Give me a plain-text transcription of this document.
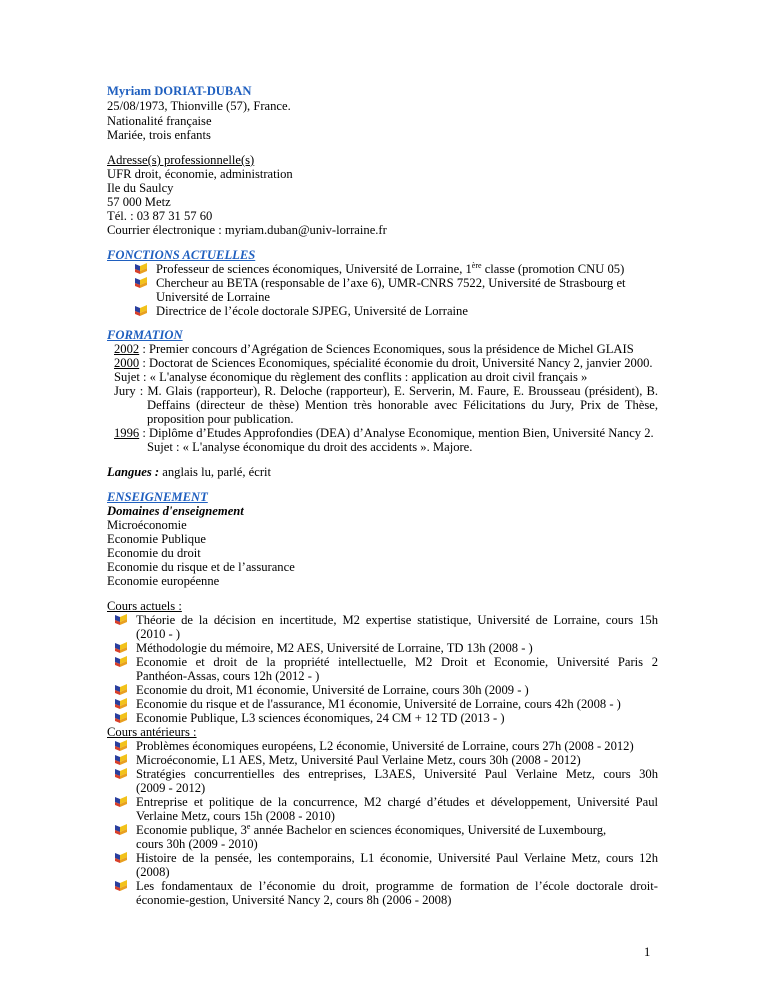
Myriam DORIAT-DUBAN
25/08/1973, Thionville (57), France.
Nationalité française
Mariée, trois enfants
Adresse(s) professionnelle(s)
UFR droit, économie, administration
Ile du Saulcy
57 000 Metz
Tél. : 03 87 31 57 60
Courrier électronique : myriam.duban@univ-lorraine.fr
FONCTIONS ACTUELLES
Professeur de sciences économiques, Université de Lorraine, 1ère classe (promotion CNU 05)
Chercheur au BETA (responsable de l’axe 6), UMR-CNRS 7522, Université de Strasbourg et
Université de Lorraine
Directrice de l’école doctorale SJPEG, Université de Lorraine
FORMATION
2002 : Premier concours d’Agrégation de Sciences Economiques, sous la présidence de Michel GLAIS
2000 : Doctorat de Sciences Economiques, spécialité économie du droit, Université Nancy 2, janvier 2000.
Sujet : « L'analyse économique du règlement des conflits : application au droit civil français »
Jury : M. Glais (rapporteur), R. Deloche (rapporteur), E. Serverin, M. Faure, E. Brousseau (président), B.
Deffains (directeur de thèse) Mention très honorable avec Félicitations du Jury, Prix de Thèse,
proposition pour publication.
1996 : Diplôme d’Etudes Approfondies (DEA) d’Analyse Economique, mention Bien, Université Nancy 2.
Sujet : « L'analyse économique du droit des accidents ». Majore.
Langues : anglais lu, parlé, écrit
ENSEIGNEMENT
Domaines d'enseignement
Microéconomie
Economie Publique
Economie du droit
Economie du risque et de l’assurance
Economie européenne
Cours actuels :
Théorie de la décision en incertitude, M2 expertise statistique, Université de Lorraine, cours 15h
(2010 - )
Méthodologie du mémoire, M2 AES, Université de Lorraine, TD 13h (2008 - )
Economie et droit de la propriété intellectuelle, M2 Droit et Economie, Université Paris 2
Panthéon-Assas, cours 12h (2012 - )
Economie du droit, M1 économie, Université de Lorraine, cours 30h (2009 - )
Economie du risque et de l'assurance, M1 économie, Université de Lorraine, cours 42h (2008 - )
Economie Publique, L3 sciences économiques, 24 CM + 12 TD (2013 - )
Cours antérieurs :
Problèmes économiques européens, L2 économie, Université de Lorraine, cours 27h (2008 - 2012)
Microéconomie, L1 AES, Metz, Université Paul Verlaine Metz, cours 30h (2008 - 2012)
Stratégies concurrentielles des entreprises, L3AES, Université Paul Verlaine Metz, cours 30h
(2009 - 2012)
Entreprise et politique de la concurrence, M2 chargé d’études et développement, Université Paul
Verlaine Metz, cours 15h (2008 - 2010)
Economie publique, 3e année Bachelor en sciences économiques, Université de Luxembourg,
cours 30h (2009 - 2010)
Histoire de la pensée, les contemporains, L1 économie, Université Paul Verlaine Metz, cours 12h
(2008)
Les fondamentaux de l’économie du droit, programme de formation de l’école doctorale droit-
économie-gestion, Université Nancy 2, cours 8h (2006 - 2008)
1
